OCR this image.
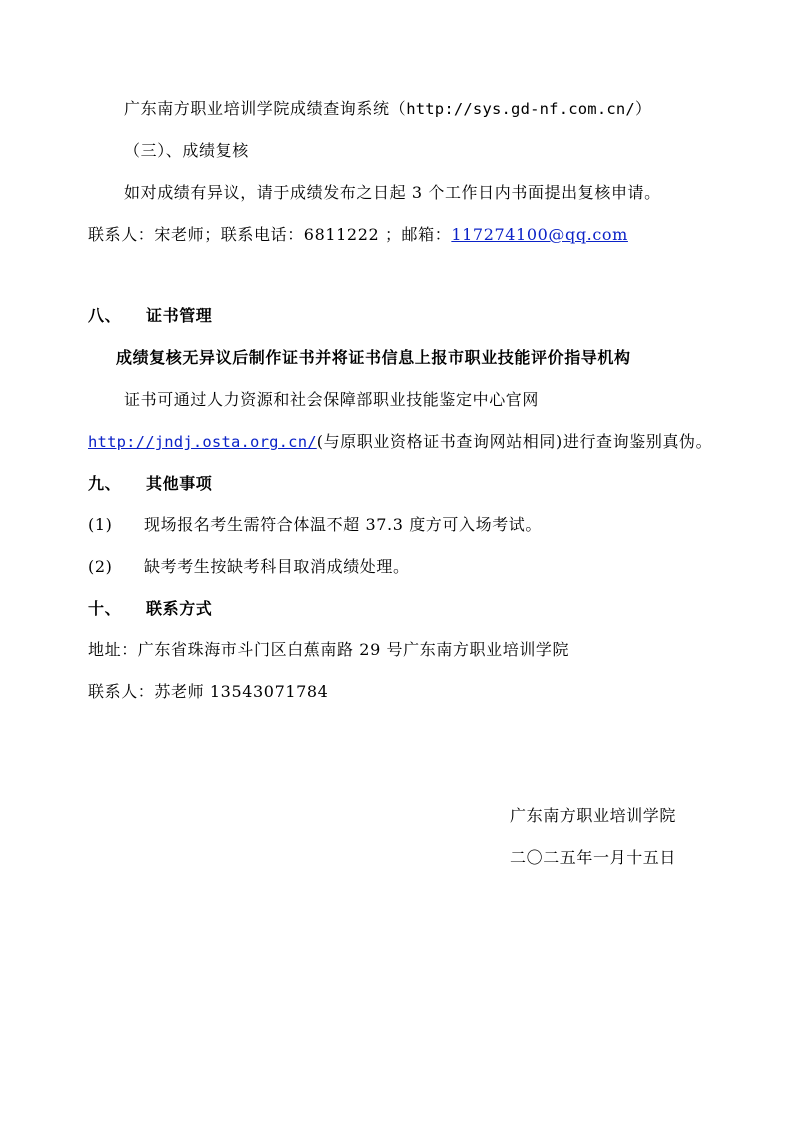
广东南方职业培训学院成绩查询系统（http://sys.gd-nf.com.cn/）
（三）、成绩复核
如对成绩有异议，请于成绩发布之日起 3 个工作日内书面提出复核申请。
联系人：宋老师；联系电话：6811222 ；邮箱：117274100@qq.com
八、 证书管理
成绩复核无异议后制作证书并将证书信息上报市职业技能评价指导机构
证书可通过人力资源和社会保障部职业技能鉴定中心官网
http://jndj.osta.org.cn/(与原职业资格证书查询网站相同)进行查询鉴别真伪。
九、 其他事项
(1) 现场报名考生需符合体温不超 37.3 度方可入场考试。
(2) 缺考考生按缺考科目取消成绩处理。
十、 联系方式
地址：广东省珠海市斗门区白蕉南路 29 号广东南方职业培训学院
联系人：苏老师 13543071784
广东南方职业培训学院
二〇二五年一月十五日
